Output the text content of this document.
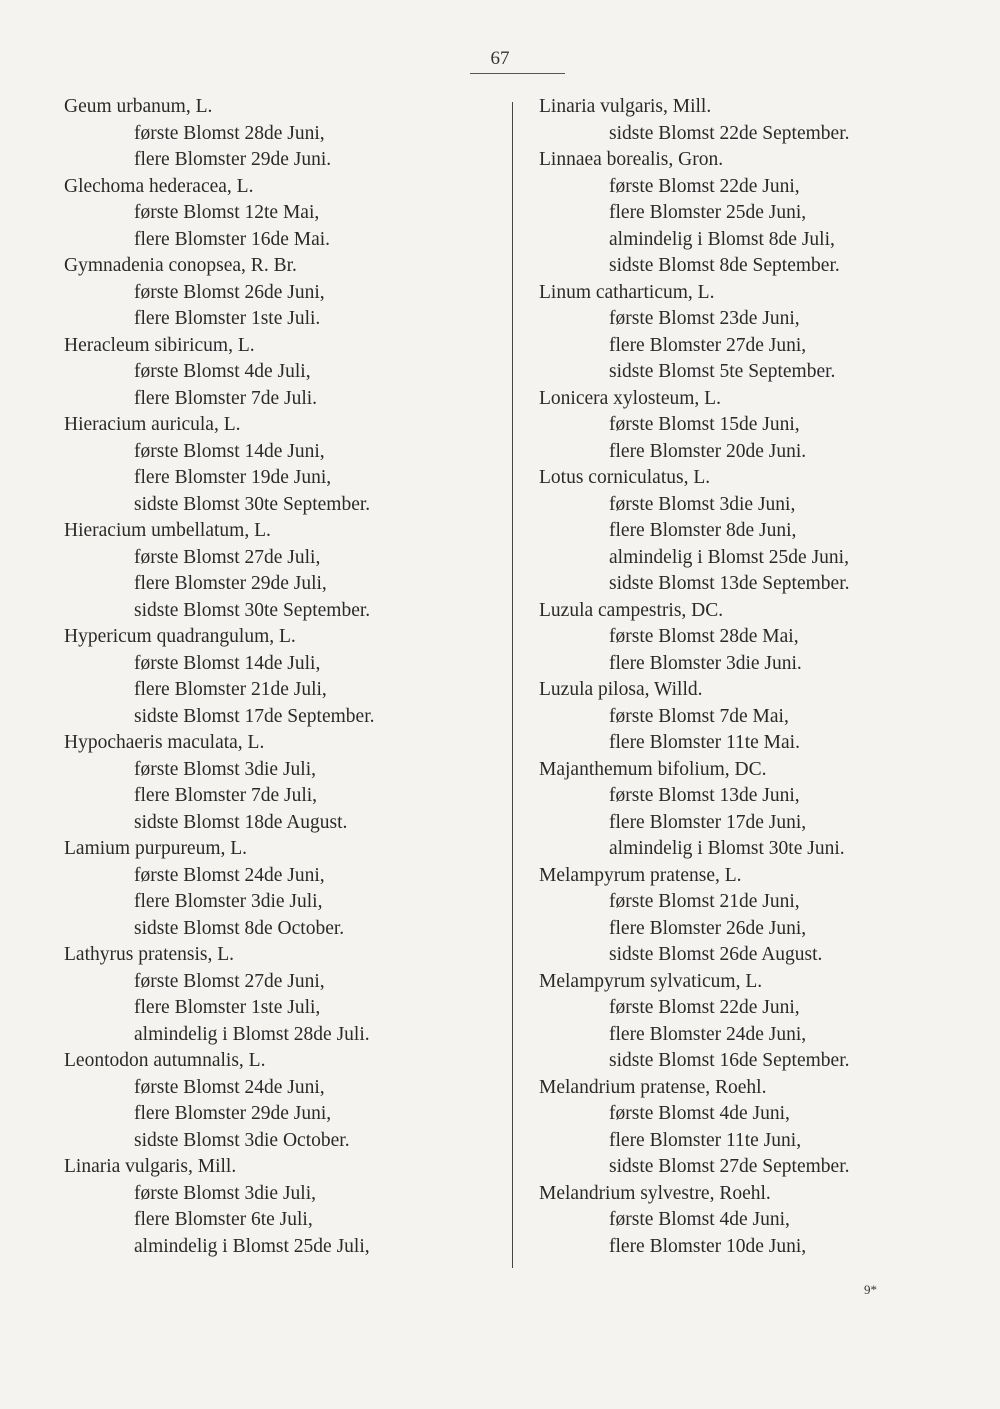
67
Geum urbanum, L.
første Blomst 28de Juni,
flere Blomster 29de Juni.
Glechoma hederacea, L.
første Blomst 12te Mai,
flere Blomster 16de Mai.
Gymnadenia conopsea, R. Br.
første Blomst 26de Juni,
flere Blomster 1ste Juli.
Heracleum sibiricum, L.
første Blomst 4de Juli,
flere Blomster 7de Juli.
Hieracium auricula, L.
første Blomst 14de Juni,
flere Blomster 19de Juni,
sidste Blomst 30te September.
Hieracium umbellatum, L.
første Blomst 27de Juli,
flere Blomster 29de Juli,
sidste Blomst 30te September.
Hypericum quadrangulum, L.
første Blomst 14de Juli,
flere Blomster 21de Juli,
sidste Blomst 17de September.
Hypochaeris maculata, L.
første Blomst 3die Juli,
flere Blomster 7de Juli,
sidste Blomst 18de August.
Lamium purpureum, L.
første Blomst 24de Juni,
flere Blomster 3die Juli,
sidste Blomst 8de October.
Lathyrus pratensis, L.
første Blomst 27de Juni,
flere Blomster 1ste Juli,
almindelig i Blomst 28de Juli.
Leontodon autumnalis, L.
første Blomst 24de Juni,
flere Blomster 29de Juni,
sidste Blomst 3die October.
Linaria vulgaris, Mill.
første Blomst 3die Juli,
flere Blomster 6te Juli,
almindelig i Blomst 25de Juli,
Linaria vulgaris, Mill.
sidste Blomst 22de September.
Linnaea borealis, Gron.
første Blomst 22de Juni,
flere Blomster 25de Juni,
almindelig i Blomst 8de Juli,
sidste Blomst 8de September.
Linum catharticum, L.
første Blomst 23de Juni,
flere Blomster 27de Juni,
sidste Blomst 5te September.
Lonicera xylosteum, L.
første Blomst 15de Juni,
flere Blomster 20de Juni.
Lotus corniculatus, L.
første Blomst 3die Juni,
flere Blomster 8de Juni,
almindelig i Blomst 25de Juni,
sidste Blomst 13de September.
Luzula campestris, DC.
første Blomst 28de Mai,
flere Blomster 3die Juni.
Luzula pilosa, Willd.
første Blomst 7de Mai,
flere Blomster 11te Mai.
Majanthemum bifolium, DC.
første Blomst 13de Juni,
flere Blomster 17de Juni,
almindelig i Blomst 30te Juni.
Melampyrum pratense, L.
første Blomst 21de Juni,
flere Blomster 26de Juni,
sidste Blomst 26de August.
Melampyrum sylvaticum, L.
første Blomst 22de Juni,
flere Blomster 24de Juni,
sidste Blomst 16de September.
Melandrium pratense, Roehl.
første Blomst 4de Juni,
flere Blomster 11te Juni,
sidste Blomst 27de September.
Melandrium sylvestre, Roehl.
første Blomst 4de Juni,
flere Blomster 10de Juni,
9*
